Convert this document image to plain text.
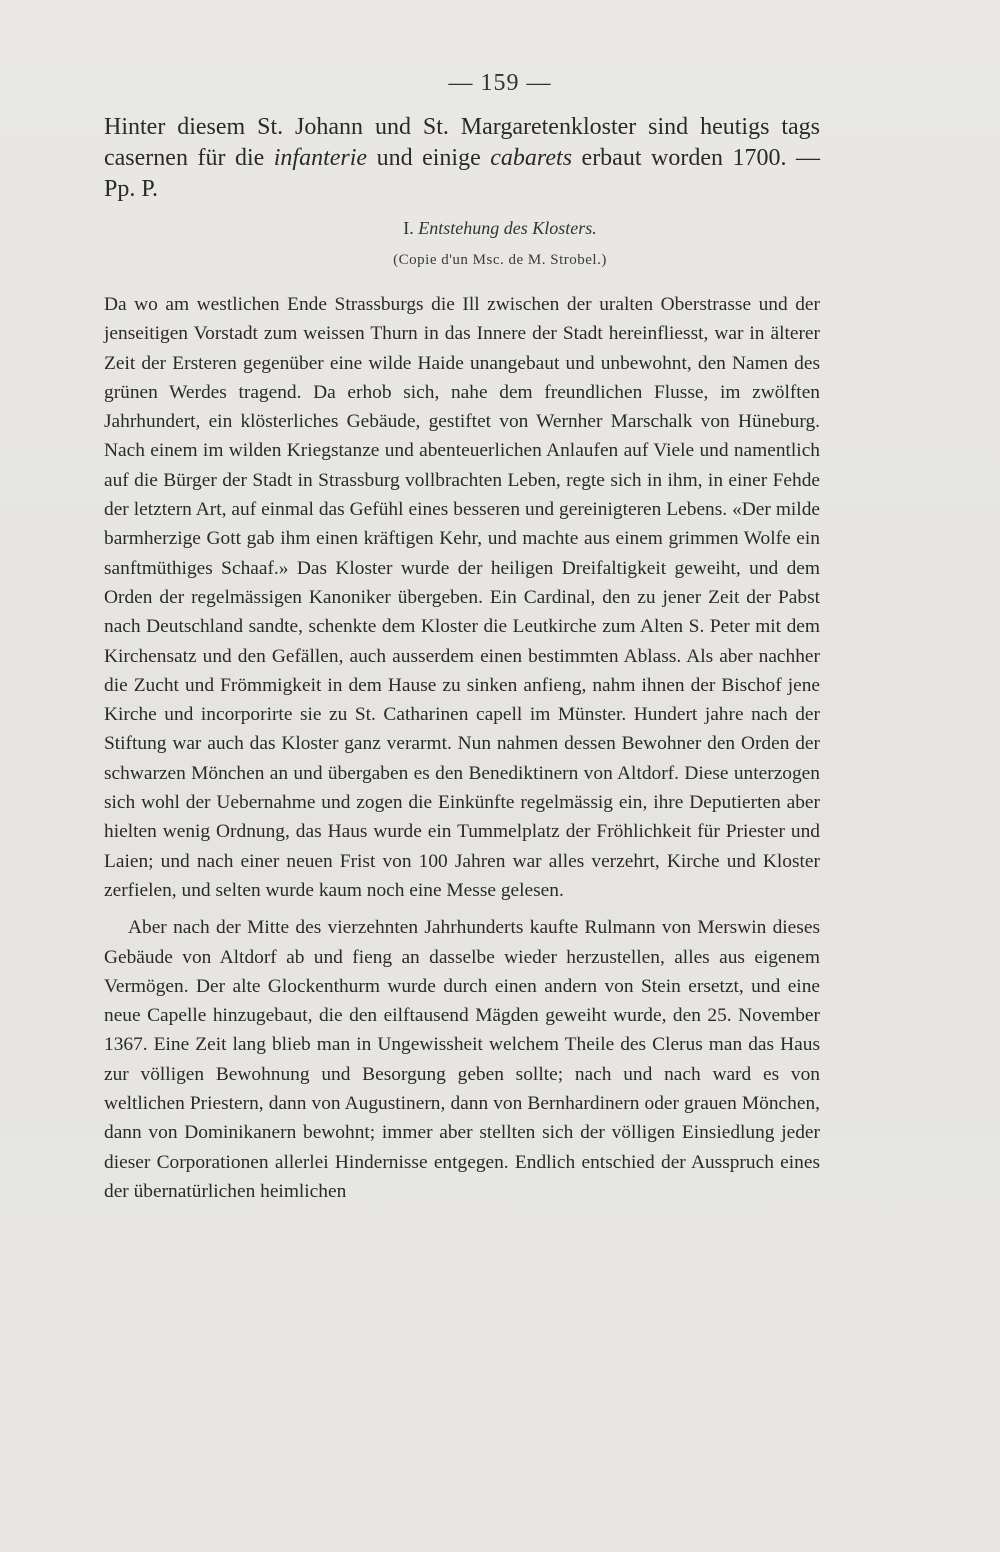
— 159 —

Hinter diesem St. Johann und St. Margaretenkloster sind heutigs tags casernen für die infanterie und einige cabarets erbaut worden 1700. — Pp. P.

I. Entstehung des Klosters.
(Copie d'un Msc. de M. Strobel.)

Da wo am westlichen Ende Strassburgs die Ill zwischen der uralten Oberstrasse und der jenseitigen Vorstadt zum weissen Thurn in das Innere der Stadt hereinfliesst, war in älterer Zeit der Ersteren gegenüber eine wilde Haide unangebaut und unbewohnt, den Namen des grünen Werdes tragend. Da erhob sich, nahe dem freundlichen Flusse, im zwölften Jahrhundert, ein klösterliches Gebäude, gestiftet von Wernher Marschalk von Hüneburg. Nach einem im wilden Kriegstanze und abenteuerlichen Anlaufen auf Viele und namentlich auf die Bürger der Stadt in Strassburg vollbrachten Leben, regte sich in ihm, in einer Fehde der letztern Art, auf einmal das Gefühl eines besseren und gereinigteren Lebens. «Der milde barmherzige Gott gab ihm einen kräftigen Kehr, und machte aus einem grimmen Wolfe ein sanftmüthiges Schaaf.» Das Kloster wurde der heiligen Dreifaltigkeit geweiht, und dem Orden der regelmässigen Kanoniker übergeben. Ein Cardinal, den zu jener Zeit der Pabst nach Deutschland sandte, schenkte dem Kloster die Leutkirche zum Alten S. Peter mit dem Kirchensatz und den Gefällen, auch ausserdem einen bestimmten Ablass. Als aber nachher die Zucht und Frömmigkeit in dem Hause zu sinken anfieng, nahm ihnen der Bischof jene Kirche und incorporirte sie zu St. Catharinen capell im Münster. Hundert jahre nach der Stiftung war auch das Kloster ganz verarmt. Nun nahmen dessen Bewohner den Orden der schwarzen Mönchen an und übergaben es den Benediktinern von Altdorf. Diese unterzogen sich wohl der Uebernahme und zogen die Einkünfte regelmässig ein, ihre Deputierten aber hielten wenig Ordnung, das Haus wurde ein Tummelplatz der Fröhlichkeit für Priester und Laien; und nach einer neuen Frist von 100 Jahren war alles verzehrt, Kirche und Kloster zerfielen, und selten wurde kaum noch eine Messe gelesen.

Aber nach der Mitte des vierzehnten Jahrhunderts kaufte Rulmann von Merswin dieses Gebäude von Altdorf ab und fieng an dasselbe wieder herzustellen, alles aus eigenem Vermögen. Der alte Glockenthurm wurde durch einen andern von Stein ersetzt, und eine neue Capelle hinzugebaut, die den eilftausend Mägden geweiht wurde, den 25. November 1367. Eine Zeit lang blieb man in Ungewissheit welchem Theile des Clerus man das Haus zur völligen Bewohnung und Besorgung geben sollte; nach und nach ward es von weltlichen Priestern, dann von Augustinern, dann von Bernhardinern oder grauen Mönchen, dann von Dominikanern bewohnt; immer aber stellten sich der völligen Einsiedlung jeder dieser Corporationen allerlei Hindernisse entgegen. Endlich entschied der Ausspruch eines der übernatürlichen heimlichen
